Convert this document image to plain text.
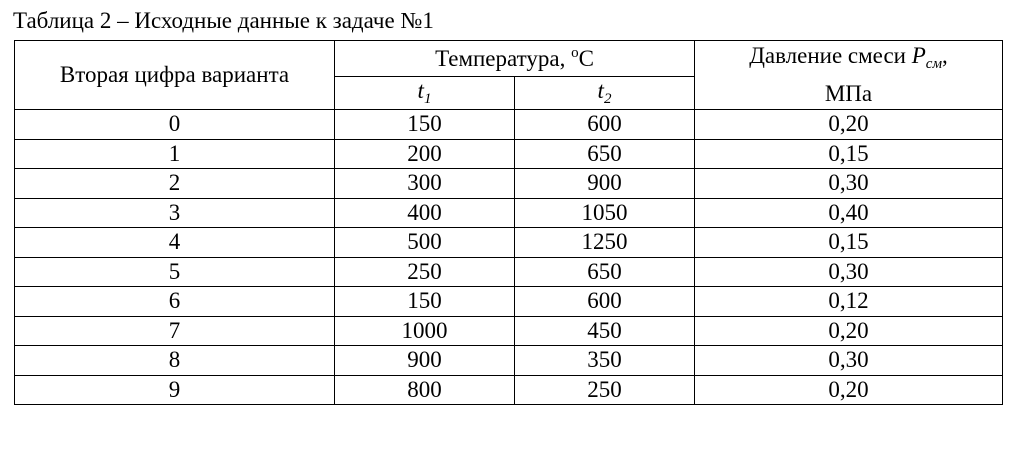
Таблица 2 – Исходные данные к задаче №1
Вторая цифра варианта	Температура, $^o$С		Давление смеси $P_{см}$,
МПа

	$t_1$	$t_2$
0	150	600	0,20
1	200	650	0,15
2	300	900	0,30
3	400	1050	0,40
4	500	1250	0,15
5	250	650	0,30
6	150	600	0,12
7	1000	450	0,20
8	900	350	0,30
9	800	250	0,20
